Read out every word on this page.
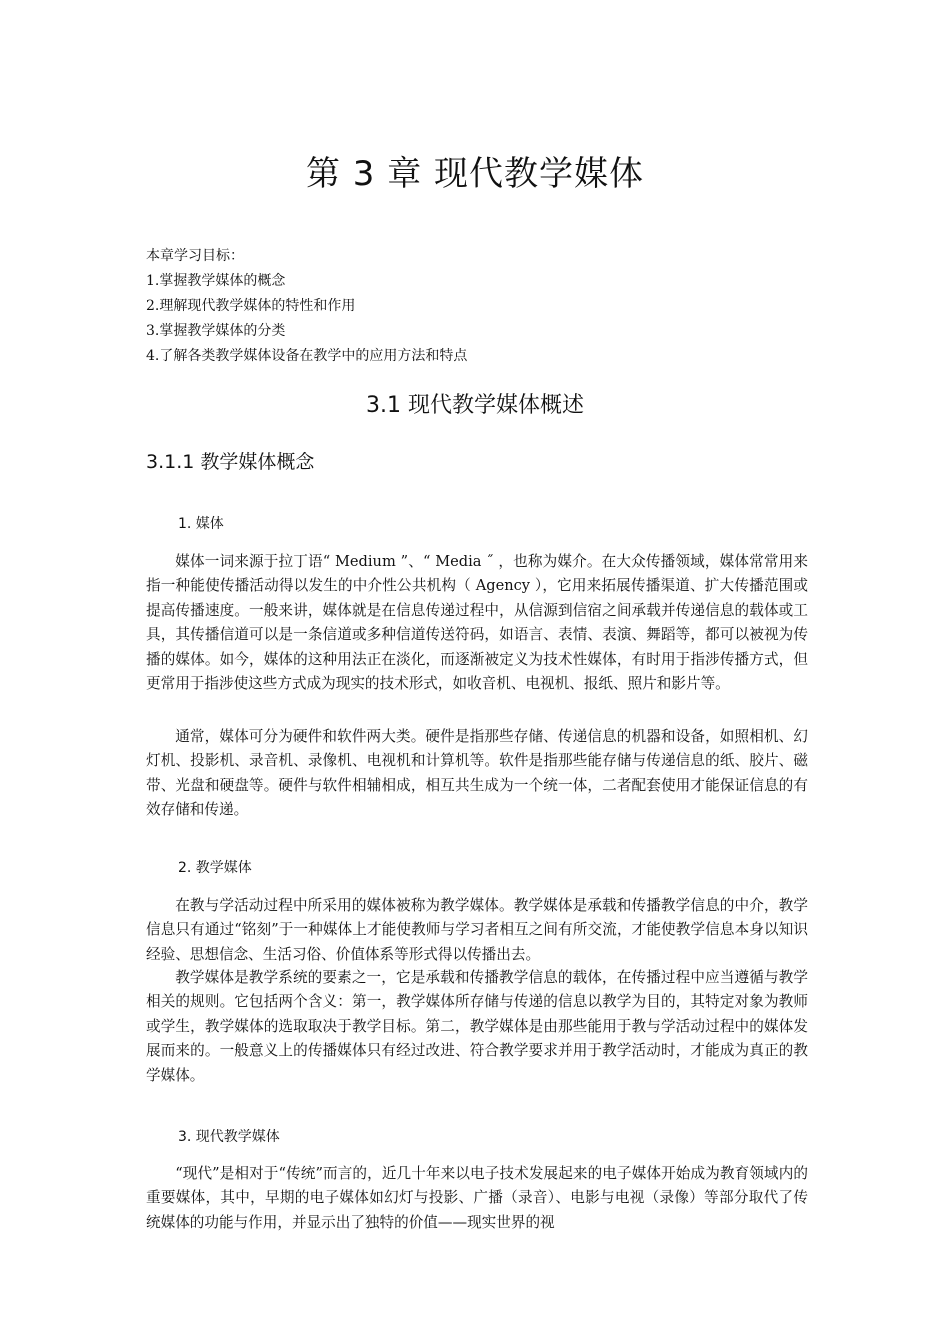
第 3 章 现代教学媒体
本章学习目标：
1.掌握教学媒体的概念
2.理解现代教学媒体的特性和作用
3.掌握教学媒体的分类
4.了解各类教学媒体设备在教学中的应用方法和特点
3.1 现代教学媒体概述
3.1.1 教学媒体概念
1. 媒体

媒体一词来源于拉丁语“ Medium ”、“ Media ˝ ，也称为媒介。在大众传播领域，媒体常常用来指一种能使传播活动得以发生的中介性公共机构（ Agency ），它用来拓展传播渠道、扩大传播范围或提高传播速度。一般来讲，媒体就是在信息传递过程中，从信源到信宿之间承载并传递信息的载体或工具，其传播信道可以是一条信道或多种信道传送符码，如语言、表情、表演、舞蹈等，都可以被视为传播的媒体。如今，媒体的这种用法正在淡化，而逐渐被定义为技术性媒体，有时用于指涉传播方式，但更常用于指涉使这些方式成为现实的技术形式，如收音机、电视机、报纸、照片和影片等。

通常，媒体可分为硬件和软件两大类。硬件是指那些存储、传递信息的机器和设备，如照相机、幻灯机、投影机、录音机、录像机、电视机和计算机等。软件是指那些能存储与传递信息的纸、胶片、磁带、光盘和硬盘等。硬件与软件相辅相成，相互共生成为一个统一体，二者配套使用才能保证信息的有效存储和传递。

2. 教学媒体

在教与学活动过程中所采用的媒体被称为教学媒体。教学媒体是承载和传播教学信息的中介，教学信息只有通过“铭刻”于一种媒体上才能使教师与学习者相互之间有所交流，才能使教学信息本身以知识经验、思想信念、生活习俗、价值体系等形式得以传播出去。

教学媒体是教学系统的要素之一，它是承载和传播教学信息的载体，在传播过程中应当遵循与教学相关的规则。它包括两个含义：第一，教学媒体所存储与传递的信息以教学为目的，其特定对象为教师或学生，教学媒体的选取取决于教学目标。第二，教学媒体是由那些能用于教与学活动过程中的媒体发展而来的。一般意义上的传播媒体只有经过改进、符合教学要求并用于教学活动时，才能成为真正的教学媒体。

3. 现代教学媒体

“现代”是相对于“传统”而言的，近几十年来以电子技术发展起来的电子媒体开始成为教育领域内的重要媒体，其中，早期的电子媒体如幻灯与投影、广播（录音）、电影与电视（录像）等部分取代了传统媒体的功能与作用，并显示出了独特的价值——现实世界的视
